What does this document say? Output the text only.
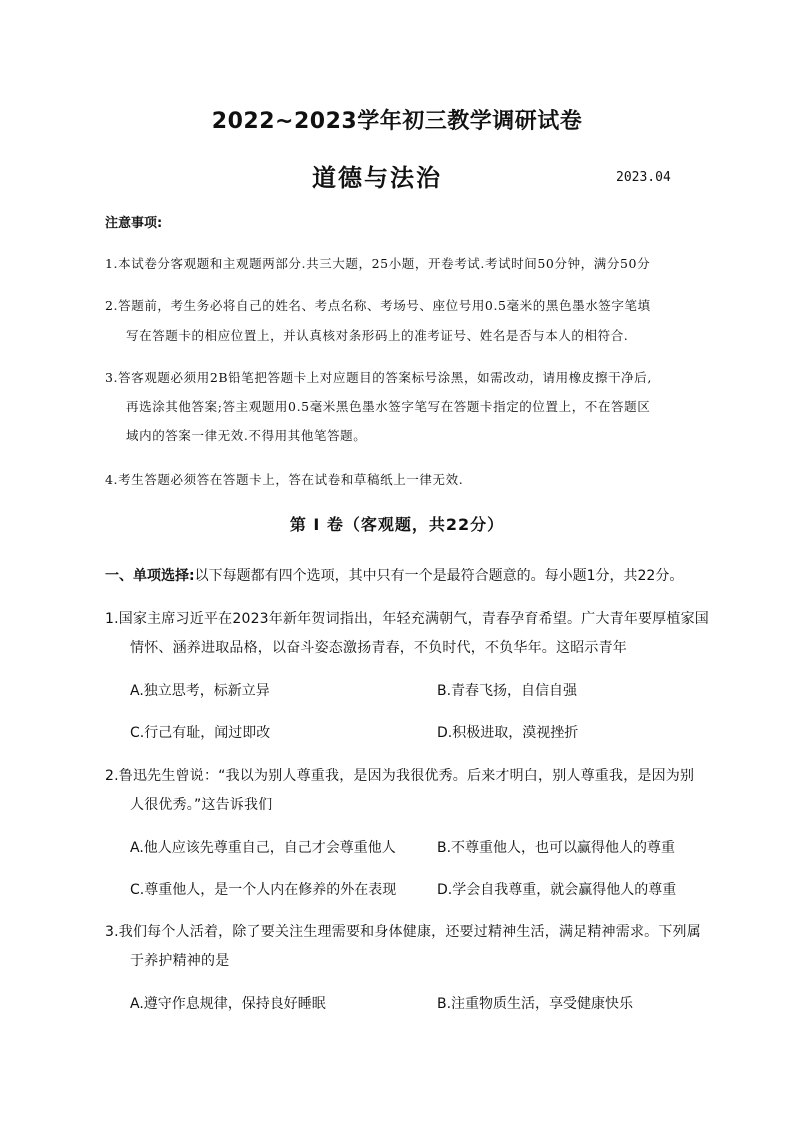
2022~2023学年初三教学调研试卷
道德与法治	2023.04
注意事项:
1.本试卷分客观题和主观题两部分.共三大题，25小题，开卷考试.考试时间50分钟，满分50分
2.答题前，考生务必将自己的姓名、考点名称、考场号、座位号用0.5毫米的黑色墨水签字笔填
写在答题卡的相应位置上，并认真核对条形码上的准考证号、姓名是否与本人的相符合.
3.答客观题必须用2B铅笔把答题卡上对应题目的答案标号涂黑，如需改动，请用橡皮擦干净后,
再选涂其他答案;答主观题用0.5毫米黑色墨水签字笔写在答题卡指定的位置上，不在答题区
域内的答案一律无效.不得用其他笔答题。
4.考生答题必须答在答题卡上，答在试卷和草稿纸上一律无效.
第 I 卷（客观题，共22分）
一、单项选择:以下每题都有四个选项，其中只有一个是最符合题意的。每小题1分，共22分。
1.国家主席习近平在2023年新年贺词指出，年轻充满朝气，青春孕育希望。广大青年要厚植家国
情怀、涵养进取品格，以奋斗姿态激扬青春，不负时代，不负华年。这昭示青年
A.独立思考，标新立异	B.青春飞扬，自信自强
C.行己有耻，闻过即改	D.积极进取，漠视挫折
2.鲁迅先生曾说：“我以为别人尊重我，是因为我很优秀。后来才明白，别人尊重我，是因为别
人很优秀。”这告诉我们
A.他人应该先尊重自己，自己才会尊重他人	B.不尊重他人，也可以赢得他人的尊重
C.尊重他人，是一个人内在修养的外在表现	D.学会自我尊重，就会赢得他人的尊重
3.我们每个人活着，除了要关注生理需要和身体健康，还要过精神生活，满足精神需求。下列属
于养护精神的是
A.遵守作息规律，保持良好睡眠	B.注重物质生活，享受健康快乐
